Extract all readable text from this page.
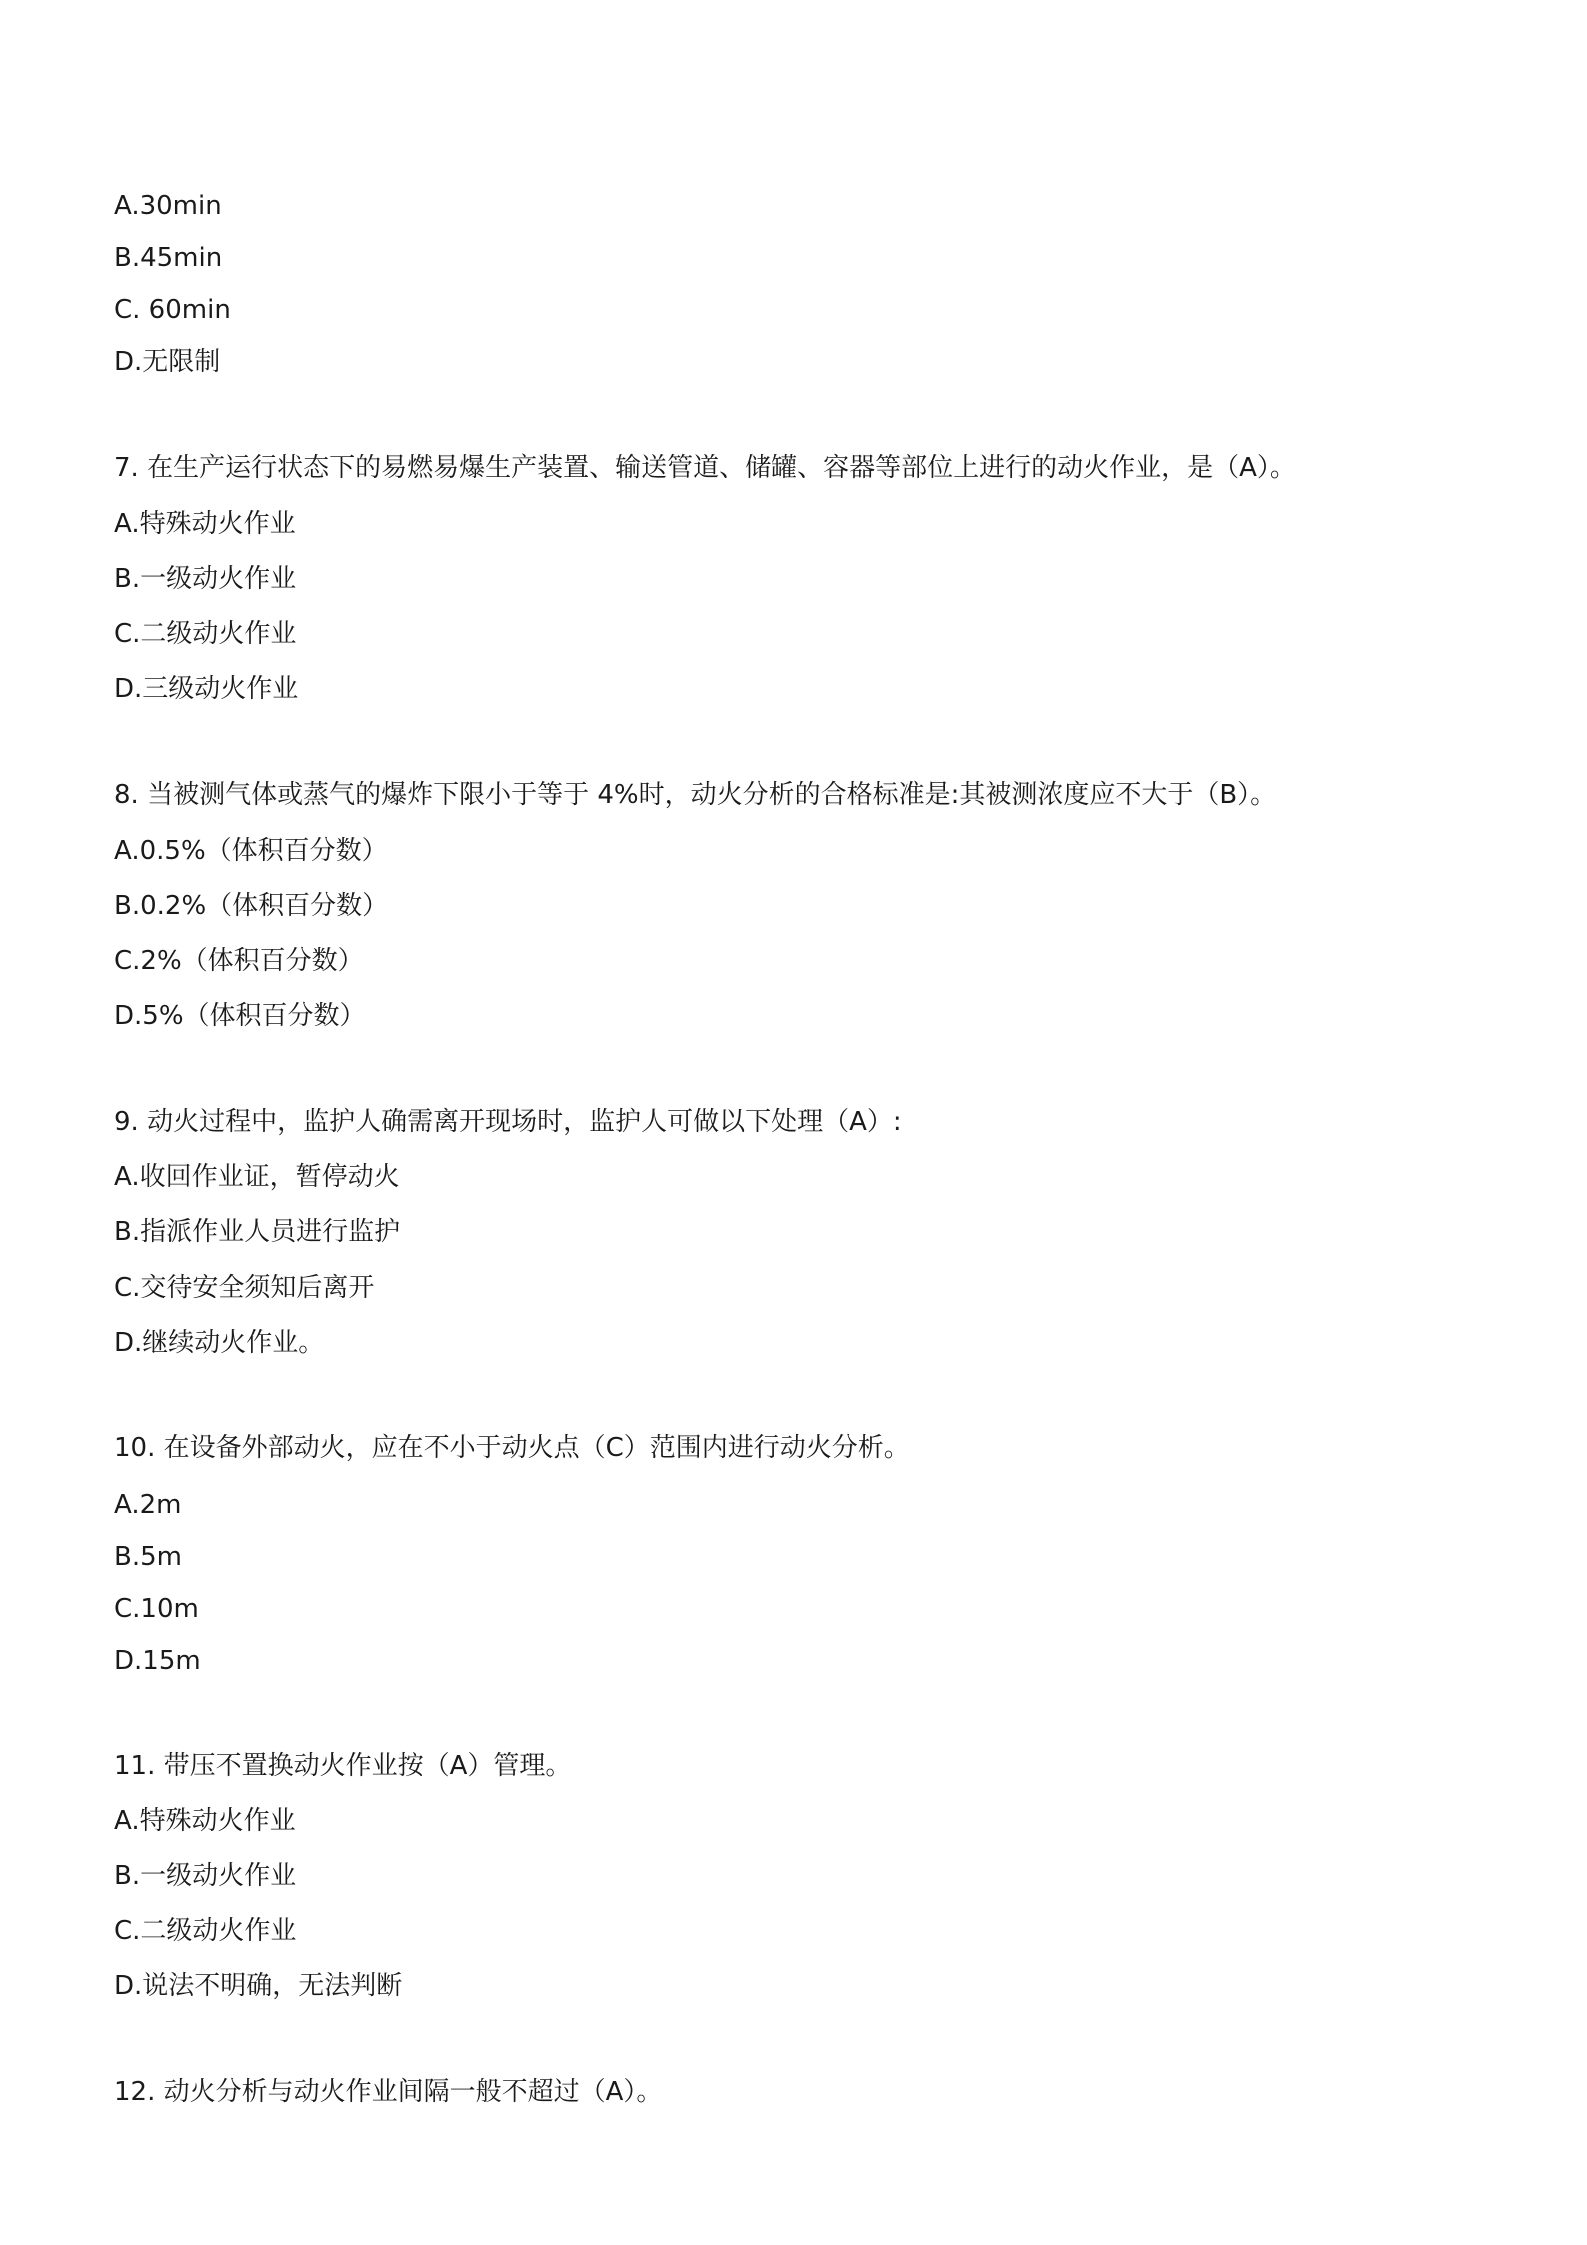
A.30min
B.45min
C. 60min
D.无限制
7. 在生产运行状态下的易燃易爆生产装置、输送管道、储罐、容器等部位上进行的动火作业，是（A）。
A.特殊动火作业
B.一级动火作业
C.二级动火作业
D.三级动火作业
8. 当被测气体或蒸气的爆炸下限小于等于 4%时，动火分析的合格标准是:其被测浓度应不大于（B）。
A.0.5%（体积百分数）
B.0.2%（体积百分数）
C.2%（体积百分数）
D.5%（体积百分数）
9. 动火过程中，监护人确需离开现场时，监护人可做以下处理（A）:
A.收回作业证，暂停动火
B.指派作业人员进行监护
C.交待安全须知后离开
D.继续动火作业。
10. 在设备外部动火，应在不小于动火点（C）范围内进行动火分析。
A.2m
B.5m
C.10m
D.15m
11. 带压不置换动火作业按（A）管理。
A.特殊动火作业
B.一级动火作业
C.二级动火作业
D.说法不明确，无法判断
12. 动火分析与动火作业间隔一般不超过（A）。
